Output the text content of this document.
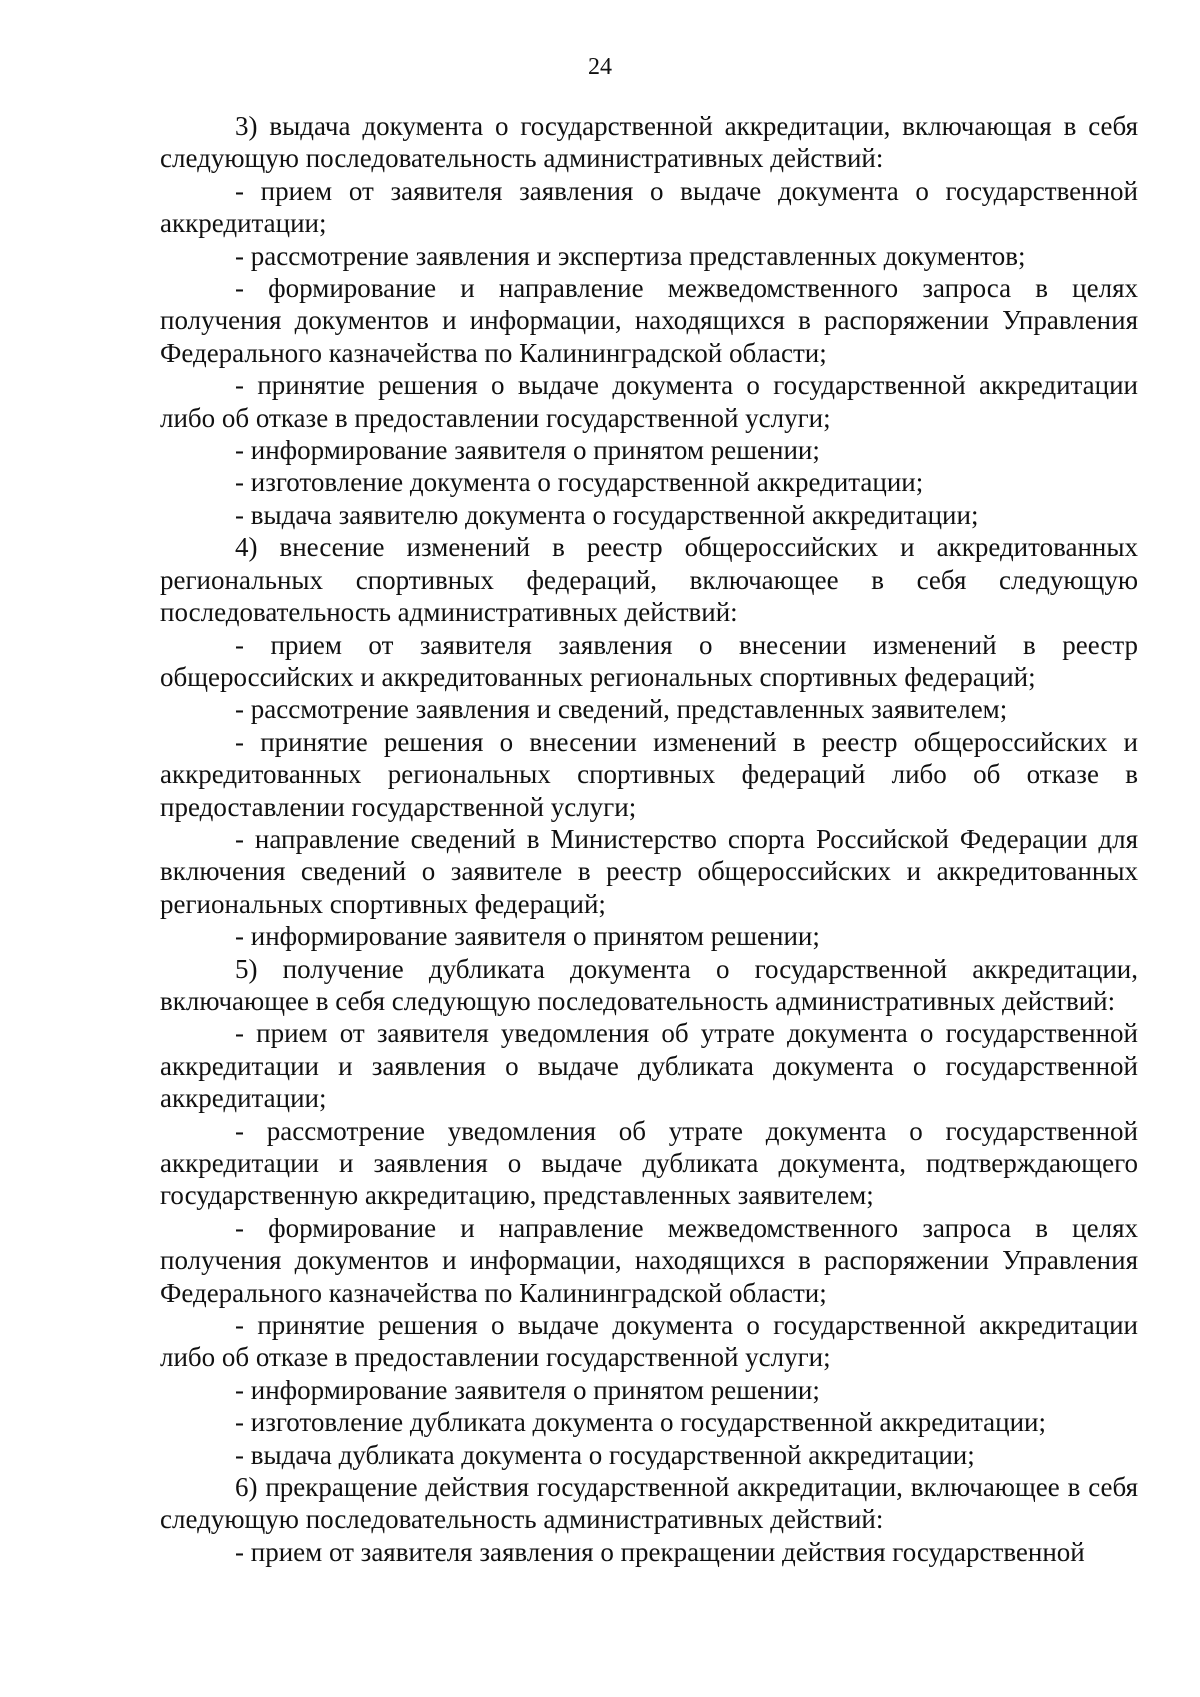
24

3) выдача документа о государственной аккредитации, включающая в себя следующую последовательность административных действий:

- прием от заявителя заявления о выдаче документа о государственной аккредитации;

- рассмотрение заявления и экспертиза представленных документов;

- формирование и направление межведомственного запроса в целях получения документов и информации, находящихся в распоряжении Управления Федерального казначейства по Калининградской области;

- принятие решения о выдаче документа о государственной аккредитации либо об отказе в предоставлении государственной услуги;

- информирование заявителя о принятом решении;

- изготовление документа о государственной аккредитации;

- выдача заявителю документа о государственной аккредитации;

4) внесение изменений в реестр общероссийских и аккредитованных региональных спортивных федераций, включающее в себя следующую последовательность административных действий:

- прием от заявителя заявления о внесении изменений в реестр общероссийских и аккредитованных региональных спортивных федераций;

- рассмотрение заявления и сведений, представленных заявителем;

- принятие решения о внесении изменений в реестр общероссийских и аккредитованных региональных спортивных федераций либо об отказе в предоставлении государственной услуги;

- направление сведений в Министерство спорта Российской Федерации для включения сведений о заявителе в реестр общероссийских и аккредитованных региональных спортивных федераций;

- информирование заявителя о принятом решении;

5) получение дубликата документа о государственной аккредитации, включающее в себя следующую последовательность административных действий:

- прием от заявителя уведомления об утрате документа о государственной аккредитации и заявления о выдаче дубликата документа о государственной аккредитации;

- рассмотрение уведомления об утрате документа о государственной аккредитации и заявления о выдаче дубликата документа, подтверждающего государственную аккредитацию, представленных заявителем;

- формирование и направление межведомственного запроса в целях получения документов и информации, находящихся в распоряжении Управления Федерального казначейства по Калининградской области;

- принятие решения о выдаче документа о государственной аккредитации либо об отказе в предоставлении государственной услуги;

- информирование заявителя о принятом решении;

- изготовление дубликата документа о государственной аккредитации;

- выдача дубликата документа о государственной аккредитации;

6) прекращение действия государственной аккредитации, включающее в себя следующую последовательность административных действий:

- прием от заявителя заявления о прекращении действия государственной
